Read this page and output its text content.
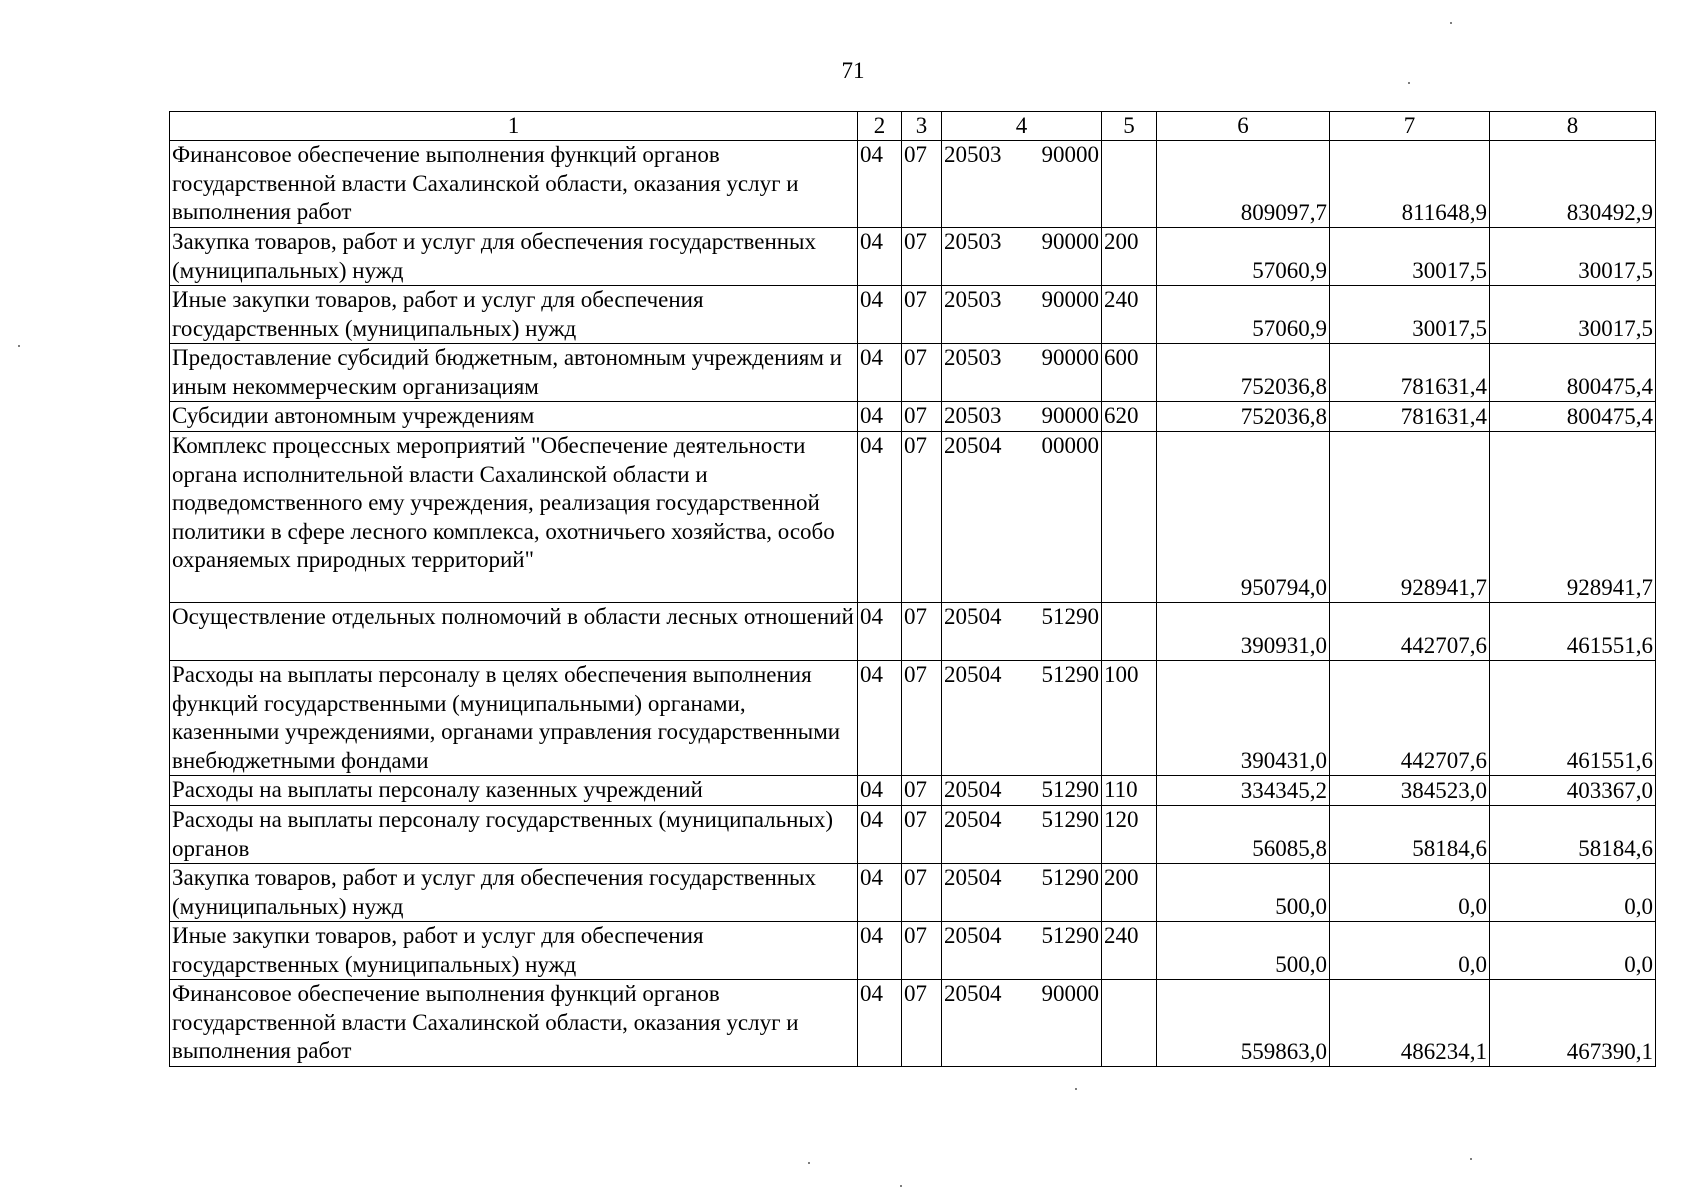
71
1	2	3	4	5	6	7	8
Финансовое обеспечение выполнения функций органов государственной власти Сахалинской области, оказания услуг и выполнения работ	04	07	20503 90000		809097,7	811648,9	830492,9
Закупка товаров, работ и услуг для обеспечения государственных (муниципальных) нужд	04	07	20503 90000	200	57060,9	30017,5	30017,5
Иные закупки товаров, работ и услуг для обеспечения государственных (муниципальных) нужд	04	07	20503 90000	240	57060,9	30017,5	30017,5
Предоставление субсидий бюджетным, автономным учреждениям и иным некоммерческим организациям	04	07	20503 90000	600	752036,8	781631,4	800475,4
Субсидии автономным учреждениям	04	07	20503 90000	620	752036,8	781631,4	800475,4
Комплекс процессных мероприятий "Обеспечение деятельности органа исполнительной власти Сахалинской области и подведомственного ему учреждения, реализация государственной политики в сфере лесного комплекса, охотничьего хозяйства, особо охраняемых природных территорий"	04	07	20504 00000		950794,0	928941,7	928941,7
Осуществление отдельных полномочий в области лесных отношений	04	07	20504 51290		390931,0	442707,6	461551,6
Расходы на выплаты персоналу в целях обеспечения выполнения функций государственными (муниципальными) органами, казенными учреждениями, органами управления государственными внебюджетными фондами	04	07	20504 51290	100	390431,0	442707,6	461551,6
Расходы на выплаты персоналу казенных учреждений	04	07	20504 51290	110	334345,2	384523,0	403367,0
Расходы на выплаты персоналу государственных (муниципальных) органов	04	07	20504 51290	120	56085,8	58184,6	58184,6
Закупка товаров, работ и услуг для обеспечения государственных (муниципальных) нужд	04	07	20504 51290	200	500,0	0,0	0,0
Иные закупки товаров, работ и услуг для обеспечения государственных (муниципальных) нужд	04	07	20504 51290	240	500,0	0,0	0,0
Финансовое обеспечение выполнения функций органов государственной власти Сахалинской области, оказания услуг и выполнения работ	04	07	20504 90000		559863,0	486234,1	467390,1
